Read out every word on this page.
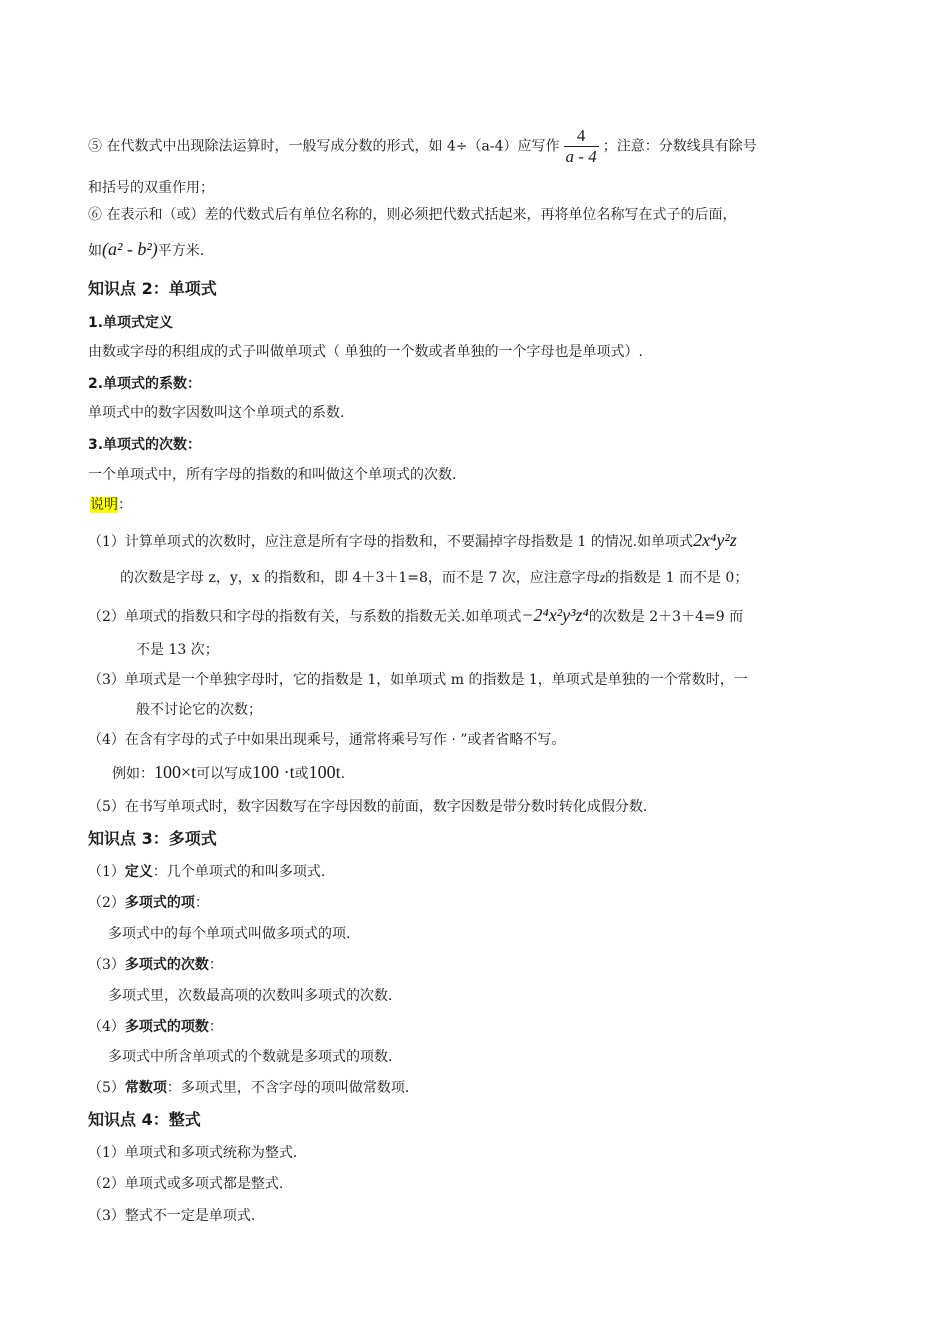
⑤ 在代数式中出现除法运算时，一般写成分数的形式，如 4÷（a-4）应写作 $\frac{4}{a - 4}$ ；注意：分数线具有除号
和括号的双重作用；
⑥ 在表示和（或）差的代数式后有单位名称的，则必须把代数式括起来，再将单位名称写在式子的后面，
如(a² - b²)平方米.
知识点 2：单项式
1.单项式定义
由数或字母的积组成的式子叫做单项式（ 单独的一个数或者单独的一个字母也是单项式）.
2.单项式的系数：
单项式中的数字因数叫这个单项式的系数.
3.单项式的次数：
一个单项式中，所有字母的指数的和叫做这个单项式的次数.
说明：
（1）计算单项式的次数时，应注意是所有字母的指数和，不要漏掉字母指数是 1 的情况.如单项式2x⁴y²z
的次数是字母 z，y，x 的指数和，即 4＋3＋1=8，而不是 7 次，应注意字母z的指数是 1 而不是 0；
（2）单项式的指数只和字母的指数有关，与系数的指数无关.如单项式−2⁴x²y³z⁴的次数是 2＋3＋4=9 而
不是 13 次；
（3）单项式是一个单独字母时，它的指数是 1，如单项式 m 的指数是 1，单项式是单独的一个常数时，一
般不讨论它的次数；
（4）在含有字母的式子中如果出现乘号，通常将乘号写作 · ”或者省略不写。
例如：100×t可以写成100 ·t或100t.
（5）在书写单项式时，数字因数写在字母因数的前面，数字因数是带分数时转化成假分数.
知识点 3：多项式
（1）定义：几个单项式的和叫多项式.
（2）多项式的项：
多项式中的每个单项式叫做多项式的项.
（3）多项式的次数：
多项式里，次数最高项的次数叫多项式的次数.
（4）多项式的项数：
多项式中所含单项式的个数就是多项式的项数.
（5）常数项：多项式里，不含字母的项叫做常数项.
知识点 4：整式
（1）单项式和多项式统称为整式.
（2）单项式或多项式都是整式.
（3）整式不一定是单项式.
